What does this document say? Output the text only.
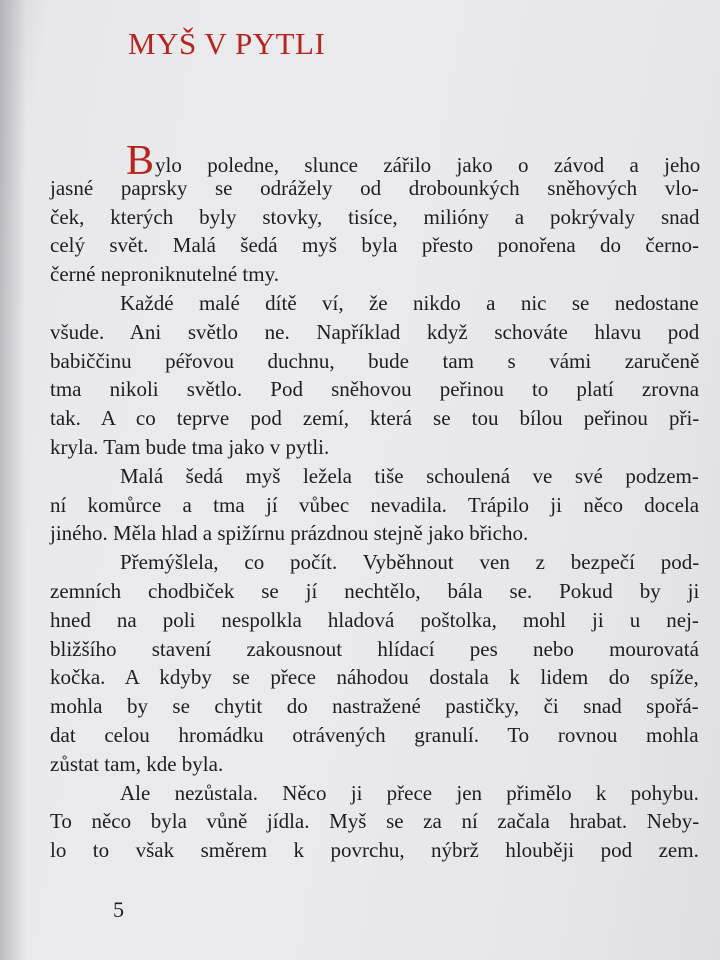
MYŠ V PYTLI
Bylo poledne, slunce zářilo jako o závod a jeho
jasné paprsky se odrážely od drobounkých sněhových vlo-
ček, kterých byly stovky, tisíce, milióny a pokrývaly snad
celý svět. Malá šedá myš byla přesto ponořena do černo-
černé neproniknutelné tmy.
Každé malé dítě ví, že nikdo a nic se nedostane
všude. Ani světlo ne. Například když schováte hlavu pod
babiččinu péřovou duchnu, bude tam s vámi zaručeně
tma nikoli světlo. Pod sněhovou peřinou to platí zrovna
tak. A co teprve pod zemí, která se tou bílou peřinou při-
kryla. Tam bude tma jako v pytli.
Malá šedá myš ležela tiše schoulená ve své podzem-
ní komůrce a tma jí vůbec nevadila. Trápilo ji něco docela
jiného. Měla hlad a spižírnu prázdnou stejně jako břicho.
Přemýšlela, co počít. Vyběhnout ven z bezpečí pod-
zemních chodbiček se jí nechtělo, bála se. Pokud by ji
hned na poli nespolkla hladová poštolka, mohl ji u nej-
bližšího stavení zakousnout hlídací pes nebo mourovatá
kočka. A kdyby se přece náhodou dostala k lidem do spíže,
mohla by se chytit do nastražené pastičky, či snad spořá-
dat celou hromádku otrávených granulí. To rovnou mohla
zůstat tam, kde byla.
Ale nezůstala. Něco ji přece jen přimělo k pohybu.
To něco byla vůně jídla. Myš se za ní začala hrabat. Neby-
lo to však směrem k povrchu, nýbrž hlouběji pod zem.
5
